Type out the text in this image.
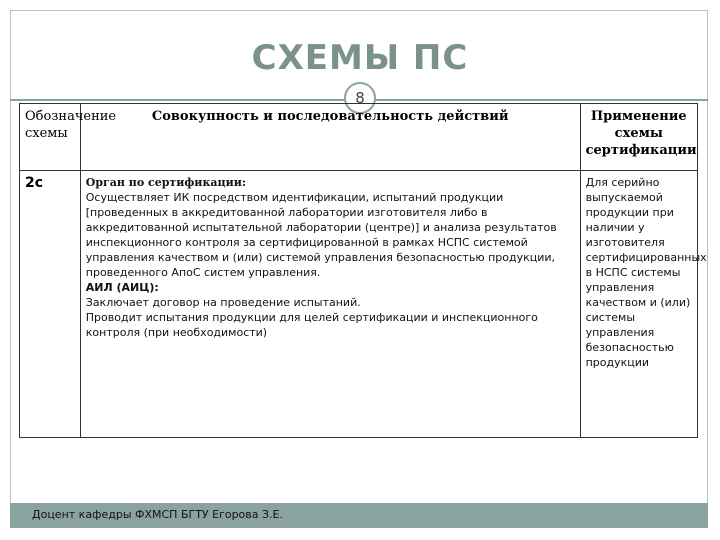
СХЕМЫ ПС
8
Обозначение схемы	Совокупность и последовательность действий	Применение схемы сертификации
2с	Орган по сертификации:
Осуществляет ИК посредством идентификации, испытаний продукции [проведенных в аккредитованной лаборатории изготовителя либо в аккредитованной испытательной лаборатории (центре)] и анализа результатов инспекционного контроля за сертифицированной в рамках НСПС системой управления качеством и (или) системой управления безопасностью продукции, проведенного АпоС систем управления.
АИЛ (АИЦ):
Заключает договор на проведение испытаний.
Проводит испытания продукции для целей сертификации и инспекционного контроля (при необходимости)	Для серийно выпускаемой продукции при наличии у изготовителя сертифицированных в НСПС системы управления качеством и (или) системы управления безопасностью продукции
Доцент кафедры ФХМСП БГТУ Егорова З.Е.
